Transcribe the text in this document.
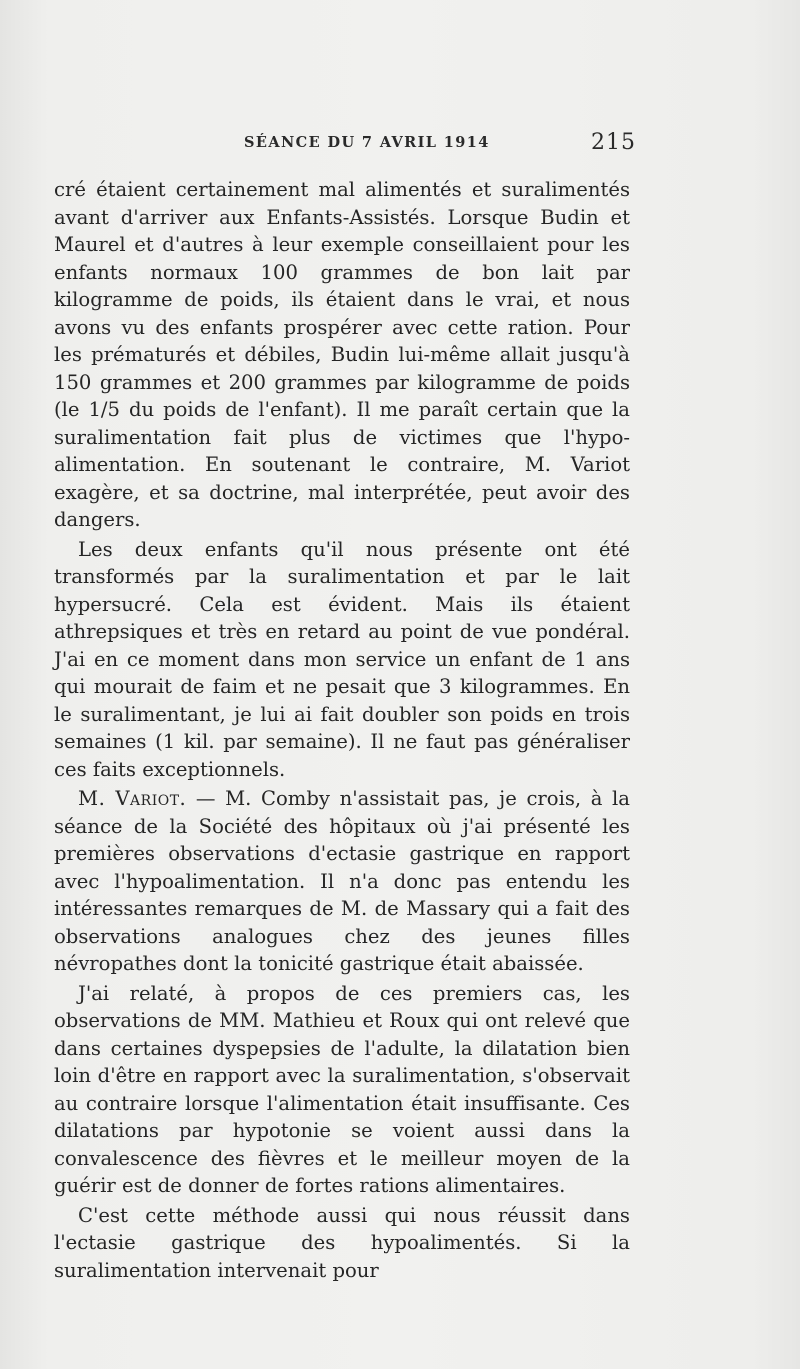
SÉANCE DU 7 AVRIL 1914	215

cré étaient certainement mal alimentés et suralimentés avant d'arriver aux Enfants-Assistés. Lorsque Budin et Maurel et d'autres à leur exemple conseillaient pour les enfants normaux 100 grammes de bon lait par kilogramme de poids, ils étaient dans le vrai, et nous avons vu des enfants prospérer avec cette ration. Pour les prématurés et débiles, Budin lui-même allait jusqu'à 150 grammes et 200 grammes par kilogramme de poids (le 1/5 du poids de l'enfant). Il me paraît certain que la suralimentation fait plus de victimes que l'hypo-alimentation. En soutenant le contraire, M. Variot exagère, et sa doctrine, mal interprétée, peut avoir des dangers.

Les deux enfants qu'il nous présente ont été transformés par la suralimentation et par le lait hypersucré. Cela est évident. Mais ils étaient athrepsiques et très en retard au point de vue pondéral. J'ai en ce moment dans mon service un enfant de 1 ans qui mourait de faim et ne pesait que 3 kilogrammes. En le suralimentant, je lui ai fait doubler son poids en trois semaines (1 kil. par semaine). Il ne faut pas généraliser ces faits exceptionnels.

M. Variot. — M. Comby n'assistait pas, je crois, à la séance de la Société des hôpitaux où j'ai présenté les premières observations d'ectasie gastrique en rapport avec l'hypoalimentation. Il n'a donc pas entendu les intéressantes remarques de M. de Massary qui a fait des observations analogues chez des jeunes filles névropathes dont la tonicité gastrique était abaissée.

J'ai relaté, à propos de ces premiers cas, les observations de MM. Mathieu et Roux qui ont relevé que dans certaines dyspepsies de l'adulte, la dilatation bien loin d'être en rapport avec la suralimentation, s'observait au contraire lorsque l'alimentation était insuffisante. Ces dilatations par hypotonie se voient aussi dans la convalescence des fièvres et le meilleur moyen de la guérir est de donner de fortes rations alimentaires.

C'est cette méthode aussi qui nous réussit dans l'ectasie gastrique des hypoalimentés. Si la suralimentation intervenait pour
